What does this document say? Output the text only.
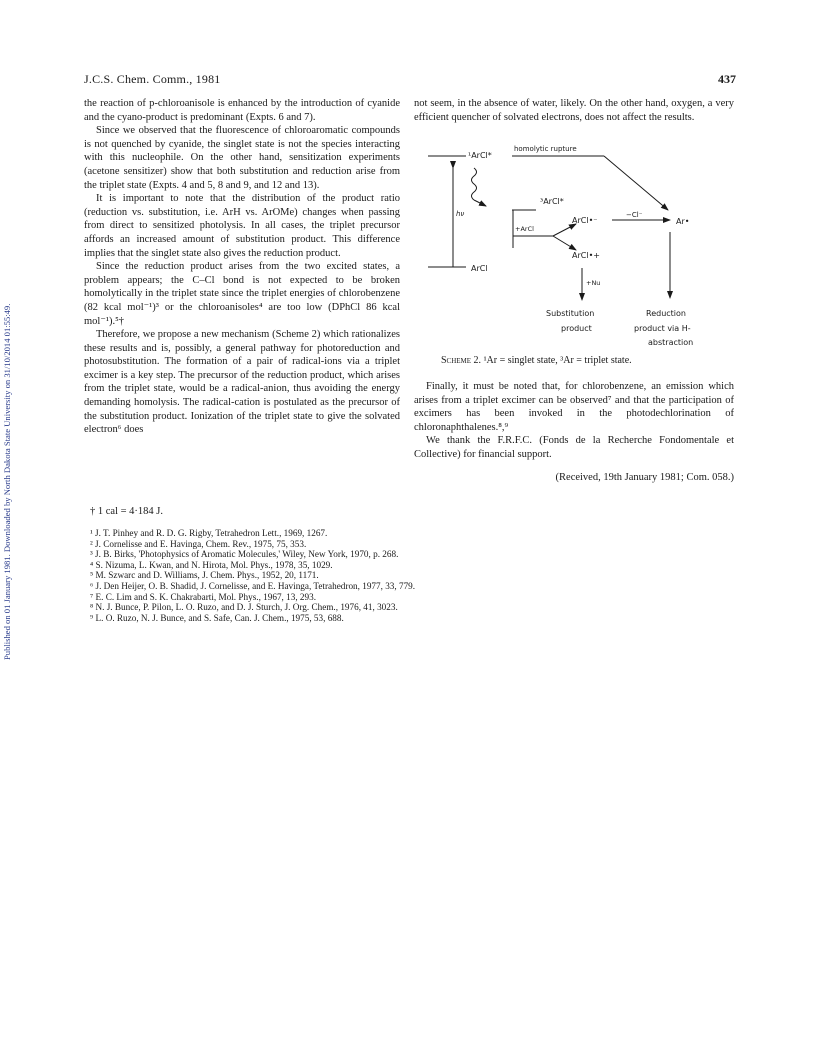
Published on 01 January 1981. Downloaded by North Dakota State University on 31/10/2014 01:55:49.
J.C.S. Chem. Comm., 1981	437

the reaction of p-chloroanisole is enhanced by the introduction of cyanide and the cyano-product is predominant (Expts. 6 and 7).

Since we observed that the fluorescence of chloroaromatic compounds is not quenched by cyanide, the singlet state is not the species interacting with this nucleophile. On the other hand, sensitization experiments (acetone sensitizer) show that both substitution and reduction arise from the triplet state (Expts. 4 and 5, 8 and 9, and 12 and 13).

It is important to note that the distribution of the product ratio (reduction vs. substitution, i.e. ArH vs. ArOMe) changes when passing from direct to sensitized photolysis. In all cases, the triplet precursor affords an increased amount of substitution product. This difference implies that the singlet state also gives the reduction product.

Since the reduction product arises from the two excited states, a problem appears; the C–Cl bond is not expected to be broken homolytically in the triplet state since the triplet energies of chlorobenzene (82 kcal mol⁻¹)³ or the chloroanisoles⁴ are too low (DPhCl 86 kcal mol⁻¹).⁵†

Therefore, we propose a new mechanism (Scheme 2) which rationalizes these results and is, possibly, a general pathway for photoreduction and photosubstitution. The formation of a pair of radical-ions via a triplet excimer is a key step. The precursor of the reduction product, which arises from the triplet state, would be a radical-anion, thus avoiding the energy demanding homolysis. The radical-cation is postulated as the precursor of the substitution product. Ionization of the triplet state to give the solvated electron⁶ does

not seem, in the absence of water, likely. On the other hand, oxygen, a very efficient quencher of solvated electrons, does not affect the results.

¹ArCl*
homolytic rupture
³ArCl*
hν
+ArCl
ArCl
ArCl•⁻
−Cl⁻
Ar•
ArCl•+
+Nu
Substitution
product
Reduction
product via H-
abstraction
Scheme 2. ¹Ar = singlet state, ³Ar = triplet state.

Finally, it must be noted that, for chlorobenzene, an emission which arises from a triplet excimer can be observed⁷ and that the participation of excimers has been invoked in the photodechlorination of chloronaphthalenes.⁸,⁹

We thank the F.R.F.C. (Fonds de la Recherche Fondomentale et Collective) for financial support.

(Received, 19th January 1981; Com. 058.)
† 1 cal = 4·184 J.
¹ J. T. Pinhey and R. D. G. Rigby, Tetrahedron Lett., 1969, 1267.
² J. Cornelisse and E. Havinga, Chem. Rev., 1975, 75, 353.
³ J. B. Birks, 'Photophysics of Aromatic Molecules,' Wiley, New York, 1970, p. 268.
⁴ S. Nizuma, L. Kwan, and N. Hirota, Mol. Phys., 1978, 35, 1029.
⁵ M. Szwarc and D. Williams, J. Chem. Phys., 1952, 20, 1171.
⁶ J. Den Heijer, O. B. Shadid, J. Cornelisse, and E. Havinga, Tetrahedron, 1977, 33, 779.
⁷ E. C. Lim and S. K. Chakrabarti, Mol. Phys., 1967, 13, 293.
⁸ N. J. Bunce, P. Pilon, L. O. Ruzo, and D. J. Sturch, J. Org. Chem., 1976, 41, 3023.
⁹ L. O. Ruzo, N. J. Bunce, and S. Safe, Can. J. Chem., 1975, 53, 688.
